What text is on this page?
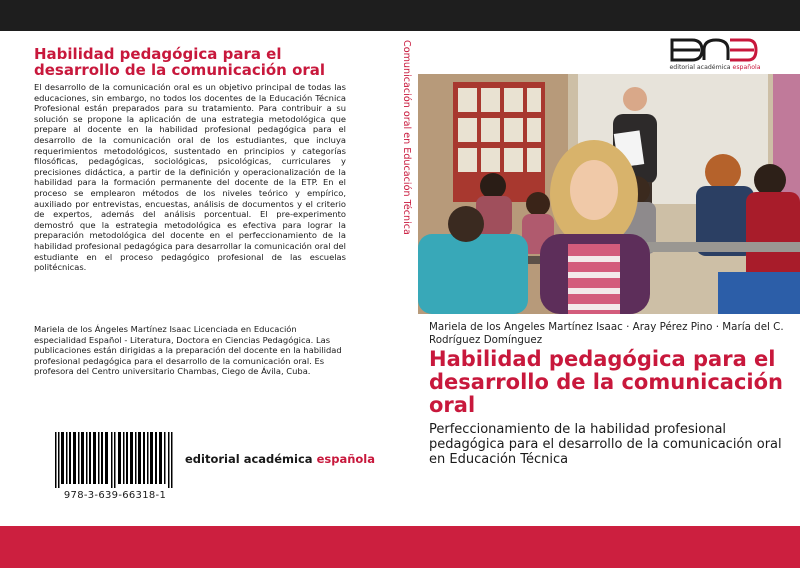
Habilidad pedagógica para el desarrollo de la comunicación oral

El desarrollo de la comunicación oral es un objetivo principal de todas las educaciones, sin embargo, no todos los docentes de la Educación Técnica Profesional están preparados para su tratamiento. Para contribuir a su solución se propone la aplicación de una estrategia metodológica que prepare al docente en la habilidad profesional pedagógica para el desarrollo de la comunicación oral de los estudiantes, que incluya requerimientos metodológicos, sustentado en principios y categorías filosóficas, pedagógicas, sociológicas, psicológicas, curriculares y precisiones didáctica, a partir de la definición y operacionalización de la habilidad para la formación permanente del docente de la ETP. En el proceso se emplearon métodos de los niveles teórico y empírico, auxiliado por entrevistas, encuestas, análisis de documentos y el criterio de expertos, además del análisis porcentual. El pre-experimento demostró que la estrategia metodológica es efectiva para lograr la preparación metodológica del docente en el perfeccionamiento de la habilidad profesional pedagógica para desarrollar la comunicación oral del estudiante en el proceso pedagógico profesional de las escuelas politécnicas.

Mariela de los Ángeles Martínez Isaac Licenciada en Educación especialidad Español - Literatura, Doctora en Ciencias Pedagógica. Las publicaciones están dirigidas a la preparación del docente en la habilidad profesional pedagógica para el desarrollo de la comunicación oral. Es profesora del Centro universitario Chambas, Ciego de Ávila, Cuba.

978-3-639-66318-1
editorial académica española
Comunicación oral en Educación Técnica	editorial académica española

Mariela de los Angeles Martínez Isaac · Aray Pérez Pino · María del C. Rodríguez Domínguez

Habilidad pedagógica para el desarrollo de la comunicación oral

Perfeccionamiento de la habilidad profesional pedagógica para el desarrollo de la comunicación oral en Educación Técnica
